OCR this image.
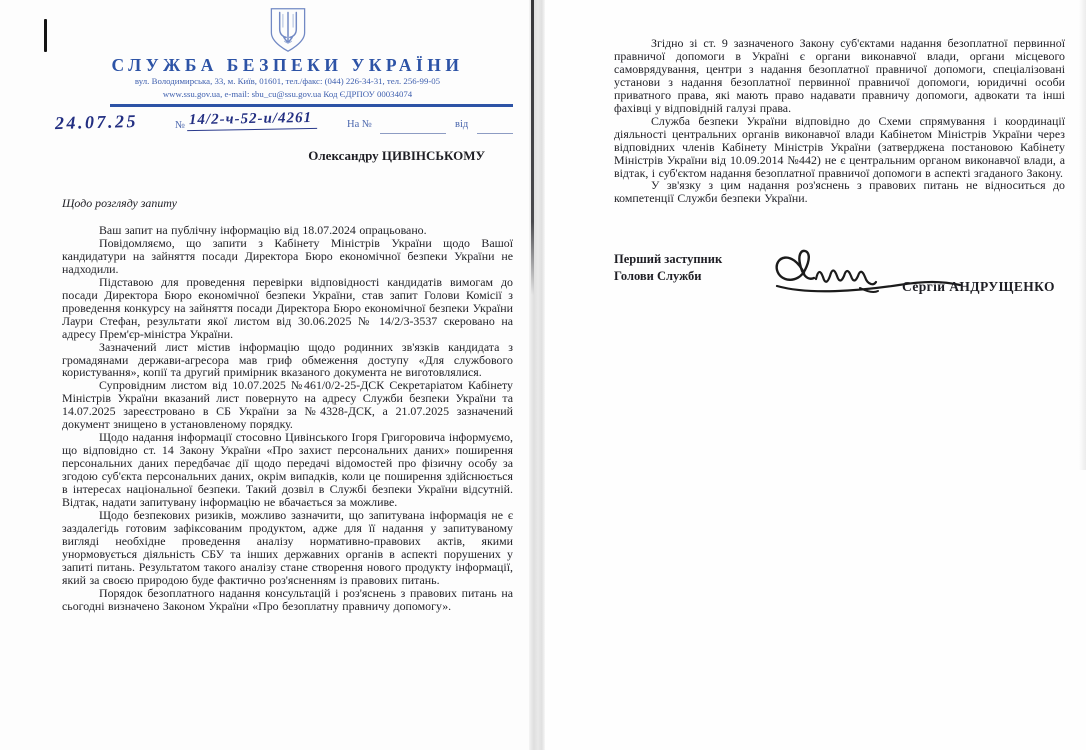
СЛУЖБА БЕЗПЕКИ УКРАЇНИ
вул. Володимирська, 33, м. Київ, 01601, тел./факс: (044) 226-34-31, тел. 256-99-05
www.ssu.gov.ua, e-mail: sbu_cu@ssu.gov.ua Код ЄДРПОУ 00034074
24.07.25	№ 14/2-ч-52-и/4261	На №	від
Олександру ЦИВІНСЬКОМУ
Щодо розгляду запиту

Ваш запит на публічну інформацію від 18.07.2024 опрацьовано.

Повідомляємо, що запити з Кабінету Міністрів України щодо Вашої кандидатури на зайняття посади Директора Бюро економічної безпеки України не надходили.

Підставою для проведення перевірки відповідності кандидатів вимогам до посади Директора Бюро економічної безпеки України, став запит Голови Комісії з проведення конкурсу на зайняття посади Директора Бюро економічної безпеки України Лаури Стефан, результати якої листом від 30.06.2025 № 14/2/3-3537 скеровано на адресу Прем'єр-міністра України.

Зазначений лист містив інформацію щодо родинних зв'язків кандидата з громадянами держави-агресора мав гриф обмеження доступу «Для службового користування», копії та другий примірник вказаного документа не виготовлялися.

Супровідним листом від 10.07.2025 №461/0/2-25-ДСК Секретаріатом Кабінету Міністрів України вказаний лист повернуто на адресу Служби безпеки України та 14.07.2025 зареєстровано в СБ України за №4328-ДСК, а 21.07.2025 зазначений документ знищено в установленому порядку.

Щодо надання інформації стосовно Цивінського Ігоря Григоровича інформуємо, що відповідно ст. 14 Закону України «Про захист персональних даних» поширення персональних даних передбачає дії щодо передачі відомостей про фізичну особу за згодою суб'єкта персональних даних, окрім випадків, коли це поширення здійснюється в інтересах національної безпеки. Такий дозвіл в Службі безпеки України відсутній. Відтак, надати запитувану інформацію не вбачається за можливе.

Щодо безпекових ризиків, можливо зазначити, що запитувана інформація не є заздалегідь готовим зафіксованим продуктом, адже для її надання у запитуваному вигляді необхідне проведення аналізу нормативно-правових актів, якими унормовується діяльність СБУ та інших державних органів в аспекті порушених у запиті питань. Результатом такого аналізу стане створення нового продукту інформації, який за своєю природою буде фактично роз'ясненням із правових питань.

Порядок безоплатного надання консультацій і роз'яснень з правових питань на сьогодні визначено Законом України «Про безоплатну правничу допомогу».

Згідно зі ст. 9 зазначеного Закону суб'єктами надання безоплатної первинної правничої допомоги в Україні є органи виконавчої влади, органи місцевого самоврядування, центри з надання безоплатної правничої допомоги, спеціалізовані установи з надання безоплатної первинної правничої допомоги, юридичні особи приватного права, які мають право надавати правничу допомоги, адвокати та інші фахівці у відповідній галузі права.

Служба безпеки України відповідно до Схеми спрямування і координації діяльності центральних органів виконавчої влади Кабінетом Міністрів України через відповідних членів Кабінету Міністрів України (затверджена постановою Кабінету Міністрів України від 10.09.2014 №442) не є центральним органом виконавчої влади, а відтак, і суб'єктом надання безоплатної правничої допомоги в аспекті згаданого Закону.

У зв'язку з цим надання роз'яснень з правових питань не відноситься до компетенції Служби безпеки України.

Перший заступник
Голови Служби
Сергій АНДРУЩЕНКО
